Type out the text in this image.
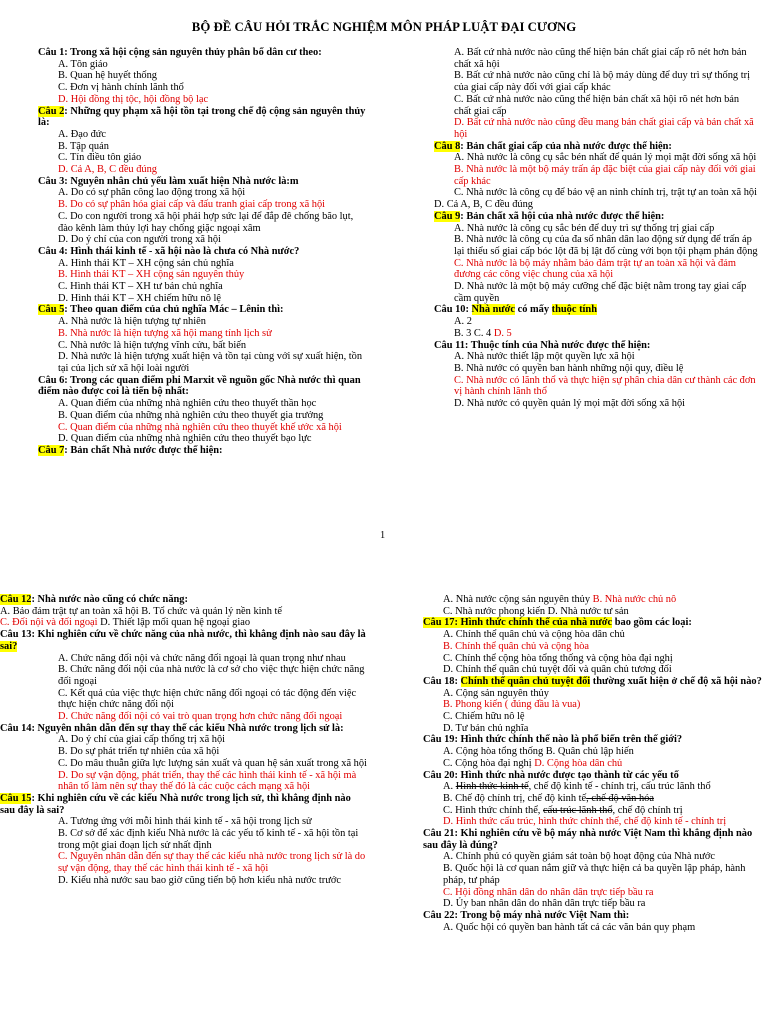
BỘ ĐỀ CÂU HỎI TRẮC NGHIỆM MÔN PHÁP LUẬT ĐẠI CƯƠNG
Câu 1: Trong xã hội cộng sản nguyên thủy phân bổ dân cư theo:
A. Tôn giáo
B. Quan hệ huyết thống
C. Đơn vị hành chính lãnh thổ
D. Hội đồng thị tộc, hội đồng bộ lạc
Câu 2: Những quy phạm xã hội tồn tại trong chế độ cộng sản nguyên thủy là:
A. Đạo đức
B. Tập quán
C. Tín điều tôn giáo
D. Cả A, B, C đều đúng
Câu 3: Nguyên nhân chủ yếu làm xuất hiện Nhà nước là:m
A. Do có sự phân công lao động trong xã hội
B. Do có sự phân hóa giai cấp và đấu tranh giai cấp trong xã hội
C. Do con người trong xã hội phải hợp sức lại để đắp đê chống bão lụt, đào kênh làm thủy lợi hay chống giặc ngoại xâm
D. Do ý chí của con người trong xã hội
Câu 4: Hình thái kinh tế - xã hội nào là chưa có Nhà nước?
A. Hình thái KT – XH cộng sản chủ nghĩa
B. Hình thái KT – XH cộng sản nguyên thủy
C. Hình thái KT – XH tư bản chủ nghĩa
D. Hình thái KT – XH chiếm hữu nô lệ
Câu 5: Theo quan điểm của chủ nghĩa Mác – Lênin thì:
A. Nhà nước là hiện tượng tự nhiên
B. Nhà nước là hiện tượng xã hội mang tính lịch sử
C. Nhà nước là hiện tượng vĩnh cửu, bất biến
D. Nhà nước là hiện tượng xuất hiện và tồn tại cùng với sự xuất hiện, tồn tại của lịch sử xã hội loài người
Câu 6: Trong các quan điểm phi Marxit về nguồn gốc Nhà nước thì quan điểm nào được coi là tiến bộ nhất:
A. Quan điểm của những nhà nghiên cứu theo thuyết thần học
B. Quan điểm của những nhà nghiên cứu theo thuyết gia trưởng
C. Quan điểm của những nhà nghiên cứu theo thuyết khế ước xã hội
D. Quan điểm của những nhà nghiên cứu theo thuyết bạo lực
Câu 7: Bản chất Nhà nước được thể hiện:
A. Bất cứ nhà nước nào cũng thể hiện bản chất giai cấp rõ nét hơn bản chất xã hội
B. Bất cứ nhà nước nào cũng chỉ là bộ máy dùng để duy trì sự thống trị của giai cấp này đối với giai cấp khác
C. Bất cứ nhà nước nào cũng thể hiện bản chất xã hội rõ nét hơn bản chất giai cấp
D. Bất cứ nhà nước nào cũng đều mang bản chất giai cấp và bản chất xã hội
Câu 8: Bản chất giai cấp của nhà nước được thể hiện:
A. Nhà nước là công cụ sắc bén nhất để quản lý mọi mặt đời sống xã hội
B. Nhà nước là một bộ máy trấn áp đặc biệt của giai cấp này đối với giai cấp khác
C. Nhà nước là công cụ để bảo vệ an ninh chính trị, trật tự an toàn xã hội
D. Cả A, B, C đều đúng
Câu 9: Bản chất xã hội của nhà nước được thể hiện:
A. Nhà nước là công cụ sắc bén để duy trì sự thống trị giai cấp
B. Nhà nước là công cụ của đa số nhân dân lao động sử dụng để trấn áp lại thiểu số giai cấp bóc lột đã bị lật đổ cùng với bọn tội phạm phản động
C. Nhà nước là bộ máy nhằm bảo đảm trật tự an toàn xã hội và đảm đương các công việc chung của xã hội
D. Nhà nước là một bộ máy cưỡng chế đặc biệt nằm trong tay giai cấp cầm quyền
Câu 10: Nhà nước có mấy thuộc tính
A. 2
B. 3 C. 4 D. 5
Câu 11: Thuộc tính của Nhà nước được thể hiện:
A. Nhà nước thiết lập một quyền lực xã hội
B. Nhà nước có quyền ban hành những nội quy, điều lệ
C. Nhà nước có lãnh thổ và thực hiện sự phân chia dân cư thành các đơn vị hành chính lãnh thổ
D. Nhà nước có quyền quản lý mọi mặt đời sống xã hội
1
Câu 12: Nhà nước nào cũng có chức năng:
A. Bảo đảm trật tự an toàn xã hội B. Tổ chức và quản lý nền kinh tế
C. Đối nội và đối ngoại D. Thiết lập mối quan hệ ngoại giao
Câu 13: Khi nghiên cứu về chức năng của nhà nước, thì khẳng định nào sau đây là sai?
A. Chức năng đối nội và chức năng đối ngoại là quan trọng như nhau
B. Chức năng đối nội của nhà nước là cơ sở cho việc thực hiện chức năng đối ngoại
C. Kết quả của việc thực hiện chức năng đối ngoại có tác động đến việc thực hiện chức năng đối nội
D. Chức năng đối nội có vai trò quan trọng hơn chức năng đối ngoại
Câu 14: Nguyên nhân dẫn đến sự thay thế các kiểu Nhà nước trong lịch sử là:
A. Do ý chí của giai cấp thống trị xã hội
B. Do sự phát triển tự nhiên của xã hội
C. Do mâu thuẫn giữa lực lượng sản xuất và quan hệ sản xuất trong xã hội
D. Do sự vận động, phát triển, thay thế các hình thái kinh tế - xã hội mà nhân tố làm nên sự thay thế đó là các cuộc cách mạng xã hội
Câu 15: Khi nghiên cứu về các kiểu Nhà nước trong lịch sử, thì khẳng định nào sau đây là sai?
A. Tương ứng với mỗi hình thái kinh tế - xã hội trong lịch sử
B. Cơ sở để xác định kiểu Nhà nước là các yếu tố kinh tế - xã hội tồn tại trong một giai đoạn lịch sử nhất định
C. Nguyên nhân dẫn đến sự thay thế các kiểu nhà nước trong lịch sử là do sự vận động, thay thế các hình thái kinh tế - xã hội
D. Kiểu nhà nước sau bao giờ cũng tiến bộ hơn kiểu nhà nước trước
A. Nhà nước cộng sản nguyên thủy B. Nhà nước chủ nô
C. Nhà nước phong kiến D. Nhà nước tư sản
Câu 17: Hình thức chính thể của nhà nước bao gồm các loại:
A. Chính thể quân chủ và cộng hòa dân chủ
B. Chính thể quân chủ và cộng hòa
C. Chính thể cộng hòa tổng thống và cộng hòa đại nghị
D. Chính thể quân chủ tuyệt đối và quân chủ tương đối
Câu 18: Chính thể quân chủ tuyệt đối thường xuất hiện ở chế độ xã hội nào?
A. Cộng sản nguyên thủy
B. Phong kiến ( đúng đầu là vua)
C. Chiếm hữu nô lệ
D. Tư bản chủ nghĩa
Câu 19: Hình thức chính thể nào là phổ biến trên thế giới?
A. Cộng hòa tổng thống B. Quân chủ lập hiến
C. Cộng hòa đại nghị D. Cộng hòa dân chủ
Câu 20: Hình thức nhà nước được tạo thành từ các yếu tố
A. Hình thức kinh tế, chế độ kinh tế - chính trị, cấu trúc lãnh thổ
B. Chế độ chính trị, chế độ kinh tế, chế độ văn hóa
C. Hình thức chính thể, cấu trúc lãnh thổ, chế độ chính trị
D. Hình thức cấu trúc, hình thức chính thể, chế độ kinh tế - chính trị
Câu 21: Khi nghiên cứu về bộ máy nhà nước Việt Nam thì khẳng định nào sau đây là đúng?
A. Chính phủ có quyền giám sát toàn bộ hoạt động của Nhà nước
B. Quốc hội là cơ quan nắm giữ và thực hiện cả ba quyền lập pháp, hành pháp, tư pháp
C. Hội đồng nhân dân do nhân dân trực tiếp bầu ra
D. Ủy ban nhân dân do nhân dân trực tiếp bầu ra
Câu 22: Trong bộ máy nhà nước Việt Nam thì:
A. Quốc hội có quyền ban hành tất cả các văn bản quy phạm
